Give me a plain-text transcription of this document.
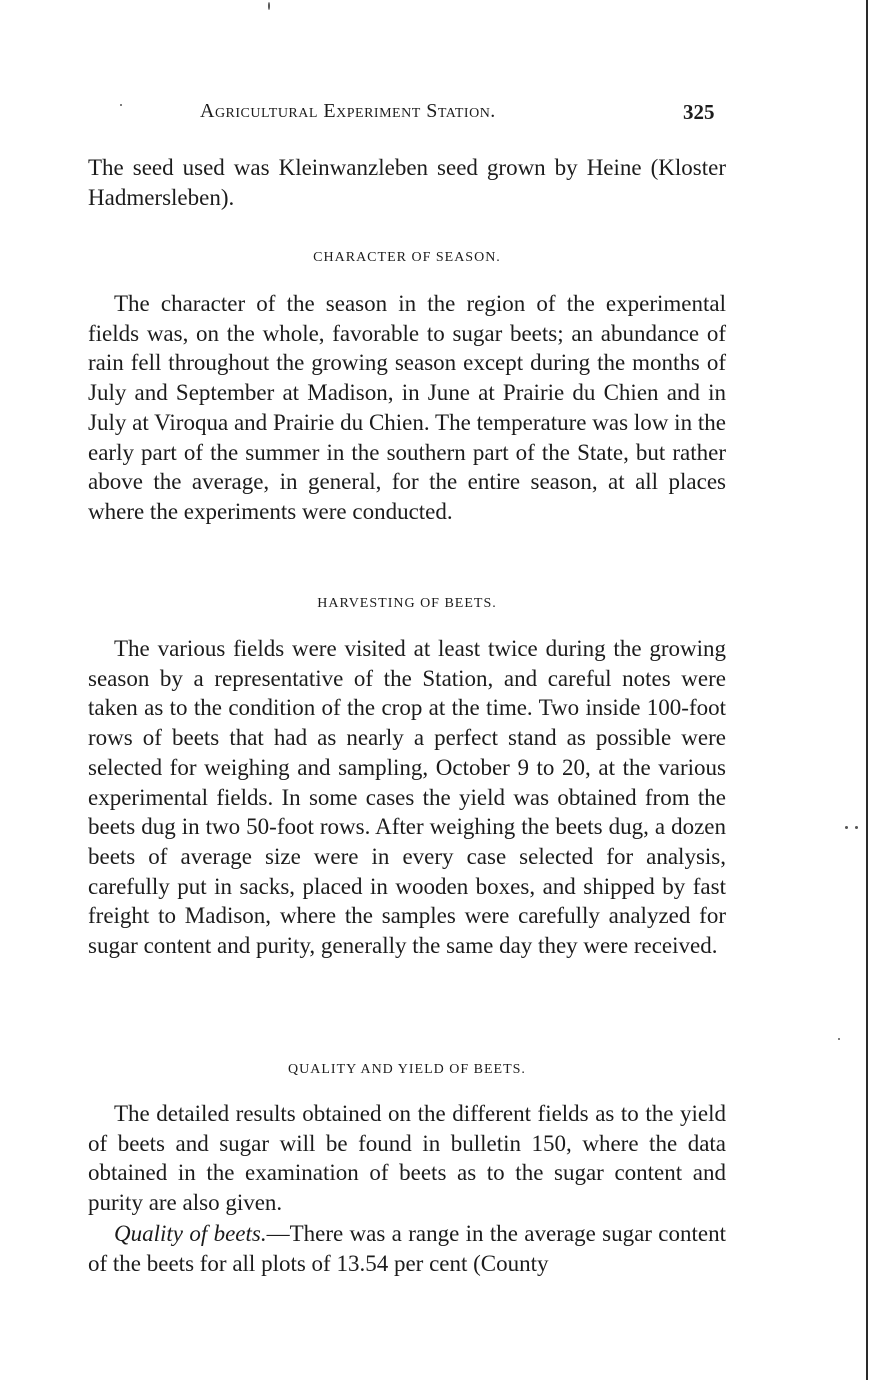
Agricultural Experiment Station.	325

The seed used was Kleinwanzleben seed grown by Heine (Kloster Hadmersleben).

CHARACTER OF SEASON.

The character of the season in the region of the experimental fields was, on the whole, favorable to sugar beets; an abundance of rain fell throughout the growing season except during the months of July and September at Madison, in June at Prairie du Chien and in July at Viroqua and Prairie du Chien. The temperature was low in the early part of the summer in the southern part of the State, but rather above the average, in general, for the entire season, at all places where the experiments were conducted.

HARVESTING OF BEETS.

The various fields were visited at least twice during the growing season by a representative of the Station, and careful notes were taken as to the condition of the crop at the time. Two inside 100-foot rows of beets that had as nearly a perfect stand as possible were selected for weighing and sampling, October 9 to 20, at the various experimental fields. In some cases the yield was obtained from the beets dug in two 50-foot rows. After weighing the beets dug, a dozen beets of average size were in every case selected for analysis, carefully put in sacks, placed in wooden boxes, and shipped by fast freight to Madison, where the samples were carefully analyzed for sugar content and purity, generally the same day they were received.

QUALITY AND YIELD OF BEETS.

The detailed results obtained on the different fields as to the yield of beets and sugar will be found in bulletin 150, where the data obtained in the examination of beets as to the sugar content and purity are also given.

Quality of beets.—There was a range in the average sugar content of the beets for all plots of 13.54 per cent (County
